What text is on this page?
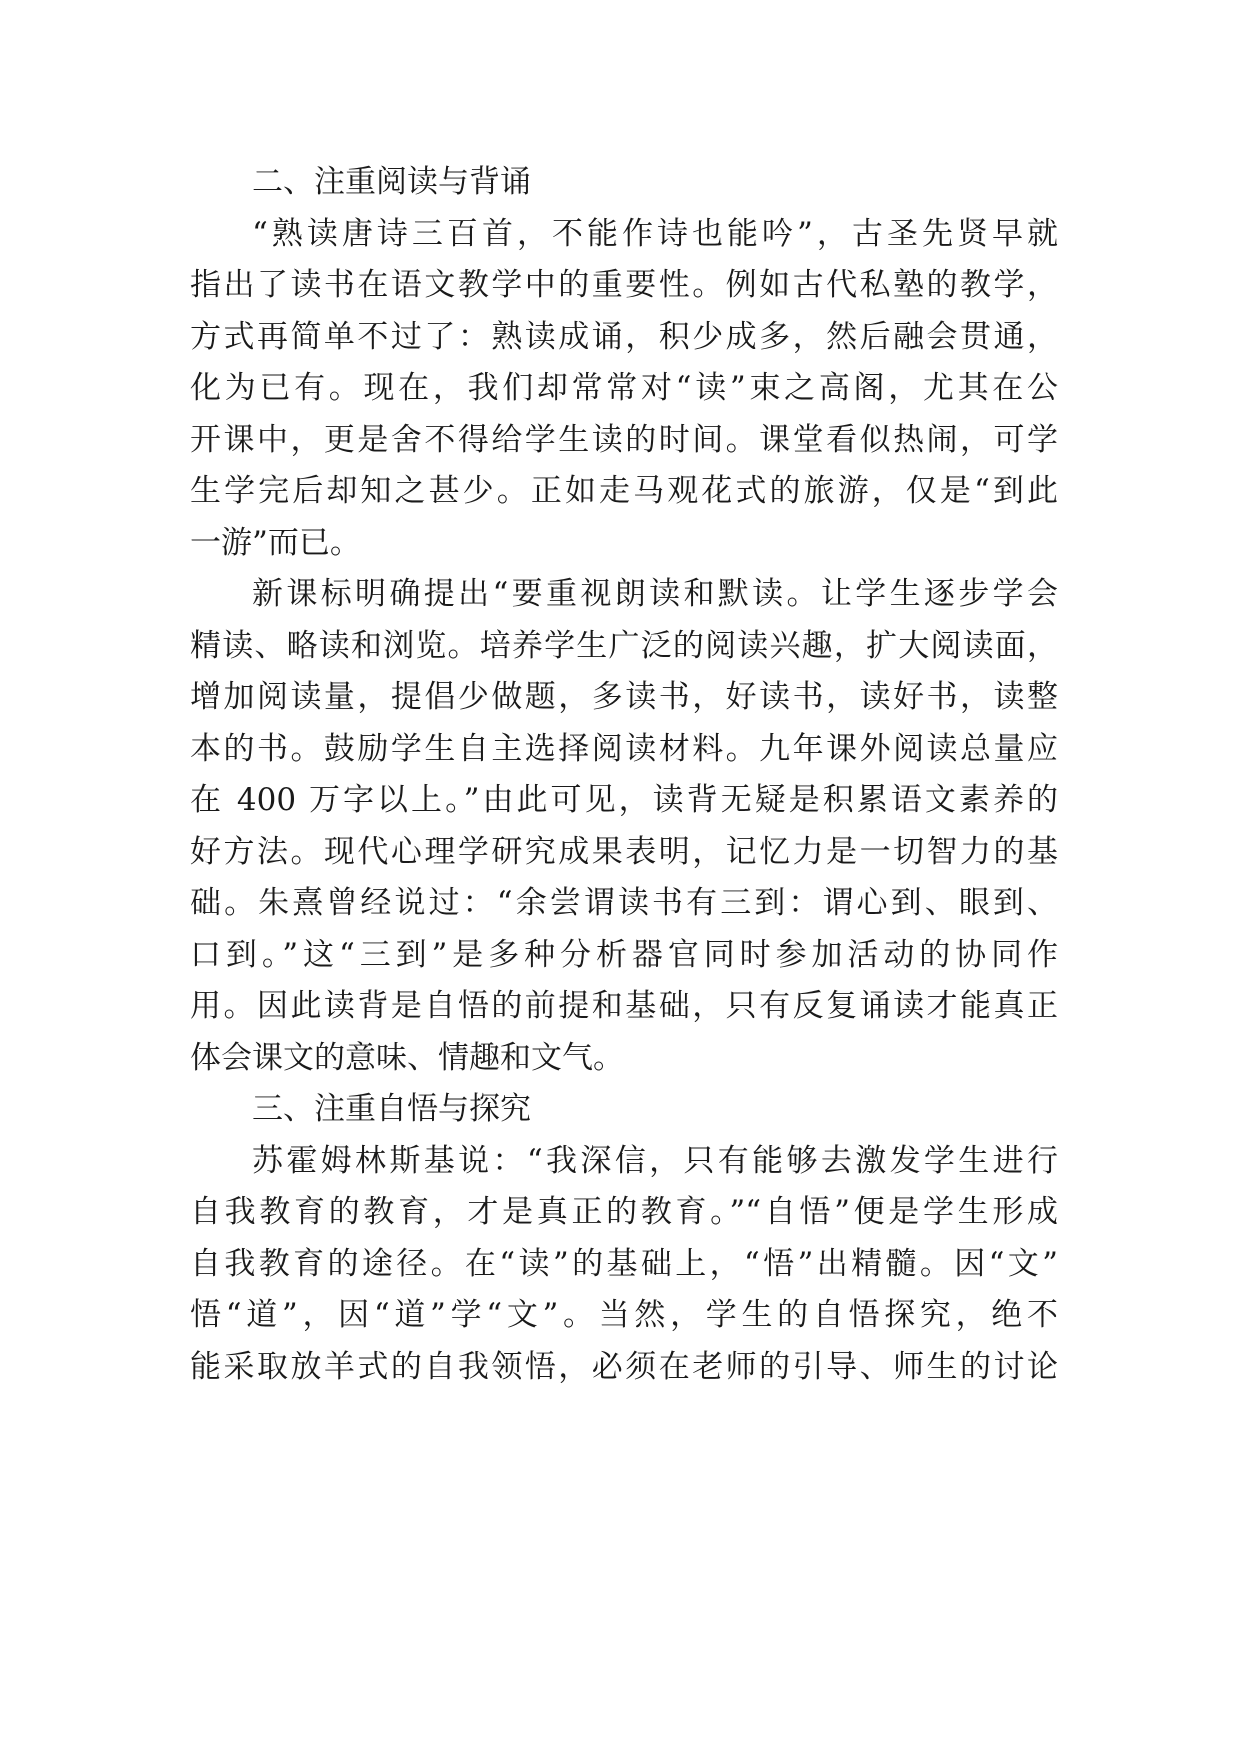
二、注重阅读与背诵
“熟读唐诗三百首，不能作诗也能吟”，古圣先贤早就
指出了读书在语文教学中的重要性。例如古代私塾的教学，
方式再简单不过了：熟读成诵，积少成多，然后融会贯通，
化为已有。现在，我们却常常对“读”束之高阁，尤其在公
开课中，更是舍不得给学生读的时间。课堂看似热闹，可学
生学完后却知之甚少。正如走马观花式的旅游，仅是“到此
一游”而已。
新课标明确提出“要重视朗读和默读。让学生逐步学会
精读、略读和浏览。培养学生广泛的阅读兴趣，扩大阅读面，
增加阅读量，提倡少做题，多读书，好读书，读好书，读整
本的书。鼓励学生自主选择阅读材料。九年课外阅读总量应
在 400 万字以上。”由此可见，读背无疑是积累语文素养的
好方法。现代心理学研究成果表明，记忆力是一切智力的基
础。朱熹曾经说过：“余尝谓读书有三到：谓心到、眼到、
口到。”这“三到”是多种分析器官同时参加活动的协同作
用。因此读背是自悟的前提和基础，只有反复诵读才能真正
体会课文的意味、情趣和文气。
三、注重自悟与探究
苏霍姆林斯基说：“我深信，只有能够去激发学生进行
自我教育的教育，才是真正的教育。”“自悟”便是学生形成
自我教育的途径。在“读”的基础上，“悟”出精髓。因“文”
悟“道”，因“道”学“文”。当然，学生的自悟探究，绝不
能采取放羊式的自我领悟，必须在老师的引导、师生的讨论
